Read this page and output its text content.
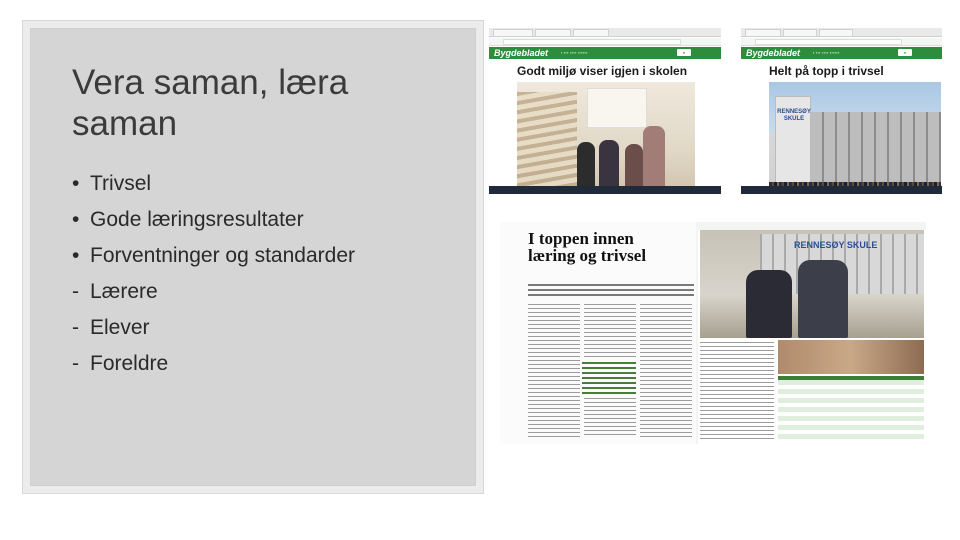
Vera saman, læra saman
• Trivsel
• Gode læringsresultater
• Forventninger og standarder
- Lærere
- Elever
- Foreldre
Bygdebladet	▪ ▪▪▪ ▪▪▪▪ ▪▪▪▪▪▪	⌕
Godt miljø viser igjen i skolen
Bygdebladet	▪ ▪▪▪ ▪▪▪▪ ▪▪▪▪▪▪	⌕
Helt på topp i trivsel
RENNESØY SKULE
I toppen innen læring og trivsel
RENNESØY SKULE
